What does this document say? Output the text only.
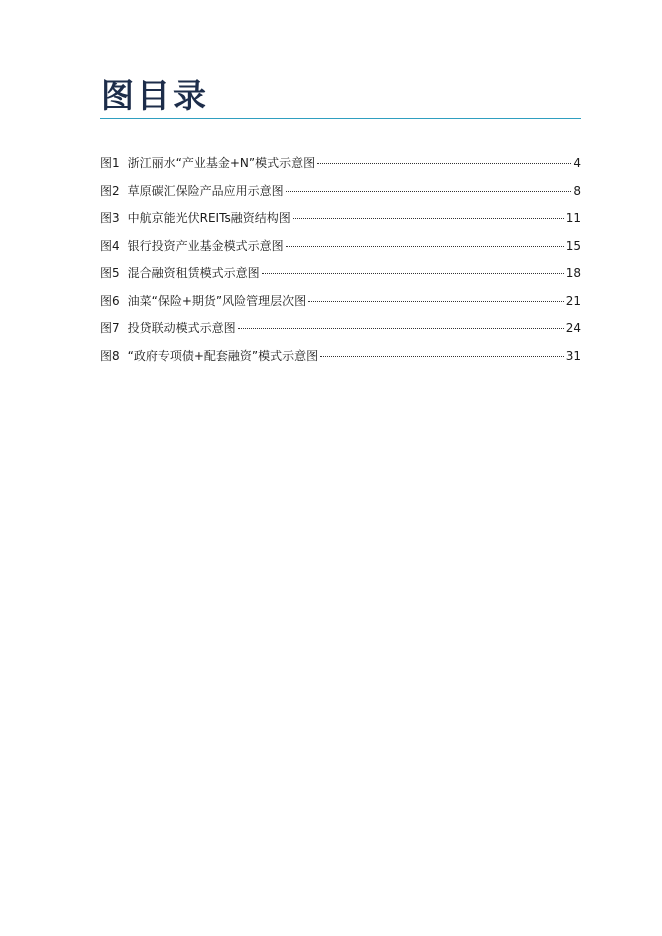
图目录
图1 浙江丽水“产业基金+N”模式示意图	4
图2 草原碳汇保险产品应用示意图	8
图3 中航京能光伏REITs融资结构图	11
图4 银行投资产业基金模式示意图	15
图5 混合融资租赁模式示意图	18
图6 油菜“保险+期货”风险管理层次图	21
图7 投贷联动模式示意图	24
图8 “政府专项债+配套融资”模式示意图	31
